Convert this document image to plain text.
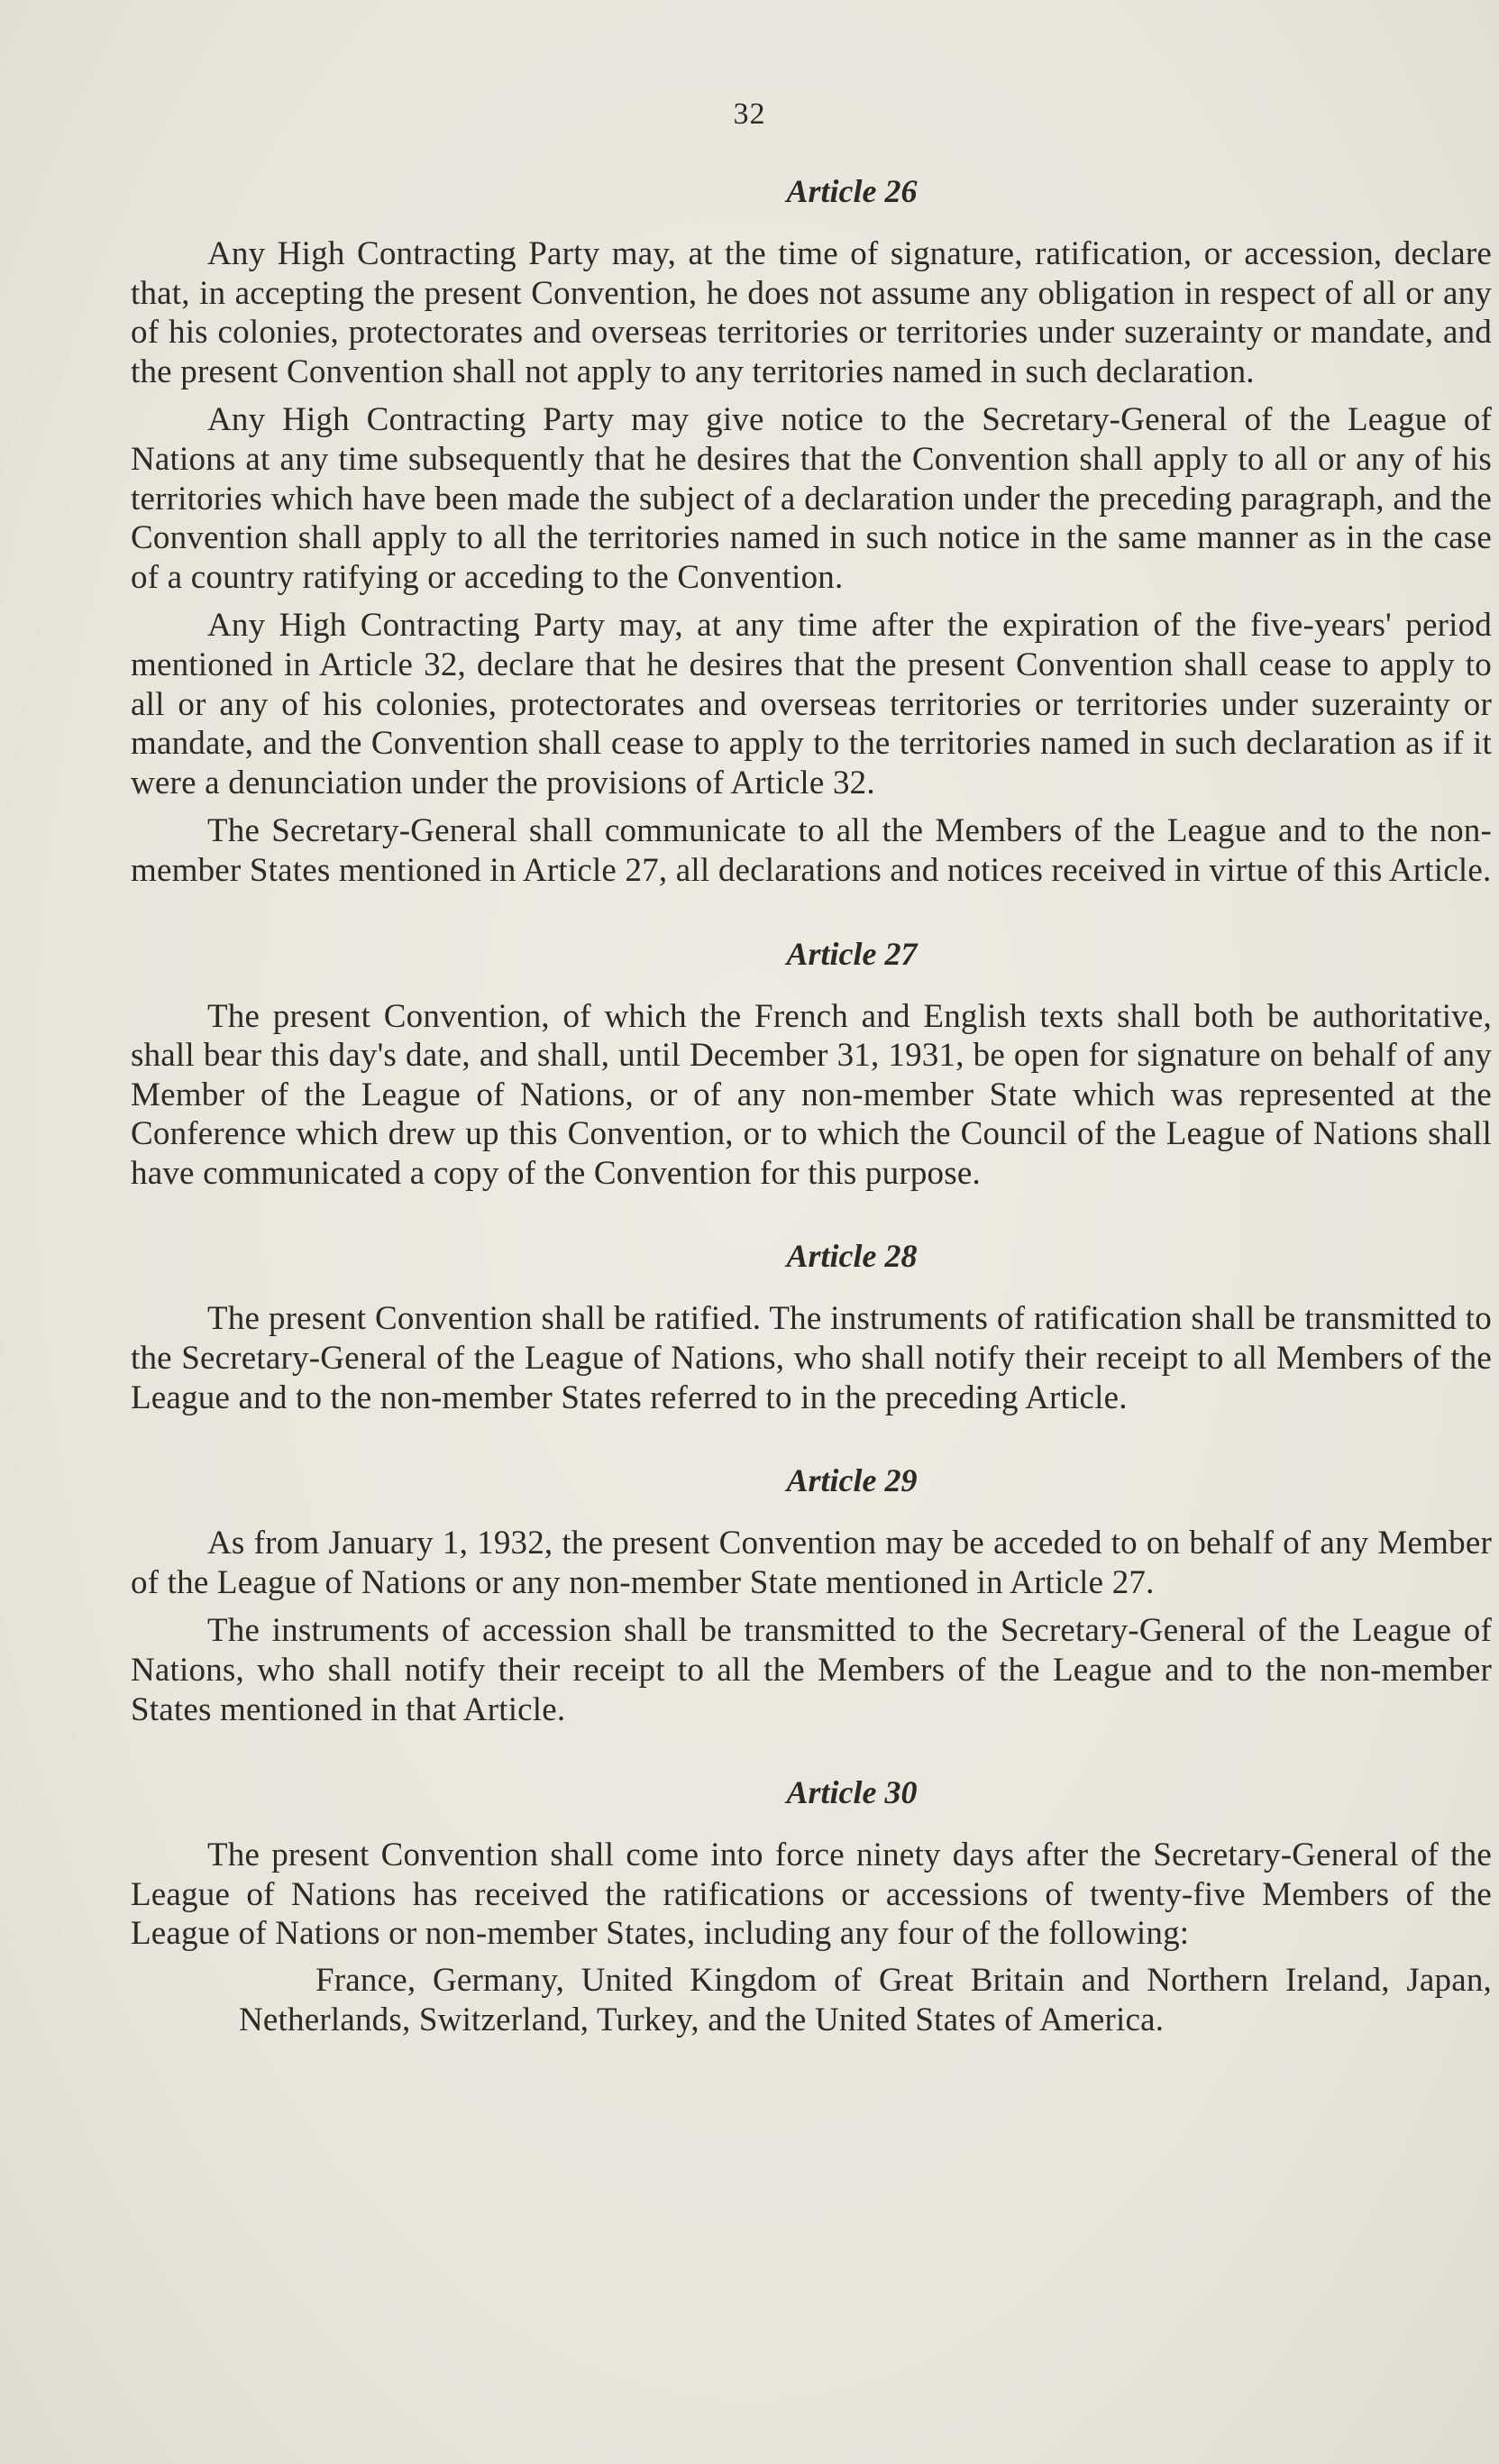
32
Article 26

Any High Contracting Party may, at the time of signature, ratification, or accession, declare that, in accepting the present Convention, he does not assume any obligation in respect of all or any of his colonies, protectorates and overseas territories or territories under suzerainty or mandate, and the present Convention shall not apply to any territories named in such declaration.

Any High Contracting Party may give notice to the Secretary-General of the League of Nations at any time subsequently that he desires that the Convention shall apply to all or any of his territories which have been made the subject of a declaration under the preceding paragraph, and the Convention shall apply to all the territories named in such notice in the same manner as in the case of a country ratifying or acceding to the Convention.

Any High Contracting Party may, at any time after the expiration of the five-years' period mentioned in Article 32, declare that he desires that the present Convention shall cease to apply to all or any of his colonies, protectorates and overseas territories or territories under suzerainty or mandate, and the Convention shall cease to apply to the territories named in such declaration as if it were a denunciation under the provisions of Article 32.

The Secretary-General shall communicate to all the Members of the League and to the non-member States mentioned in Article 27, all declarations and notices received in virtue of this Article.

Article 27

The present Convention, of which the French and English texts shall both be authoritative, shall bear this day's date, and shall, until December 31, 1931, be open for signature on behalf of any Member of the League of Nations, or of any non-member State which was represented at the Conference which drew up this Convention, or to which the Council of the League of Nations shall have communicated a copy of the Convention for this purpose.

Article 28

The present Convention shall be ratified. The instruments of ratification shall be transmitted to the Secretary-General of the League of Nations, who shall notify their receipt to all Members of the League and to the non-member States referred to in the preceding Article.

Article 29

As from January 1, 1932, the present Convention may be acceded to on behalf of any Member of the League of Nations or any non-member State mentioned in Article 27.

The instruments of accession shall be transmitted to the Secretary-General of the League of Nations, who shall notify their receipt to all the Members of the League and to the non-member States mentioned in that Article.

Article 30

The present Convention shall come into force ninety days after the Secretary-General of the League of Nations has received the ratifications or accessions of twenty-five Members of the League of Nations or non-member States, including any four of the following:

France, Germany, United Kingdom of Great Britain and Northern Ireland, Japan, Netherlands, Switzerland, Turkey, and the United States of America.
